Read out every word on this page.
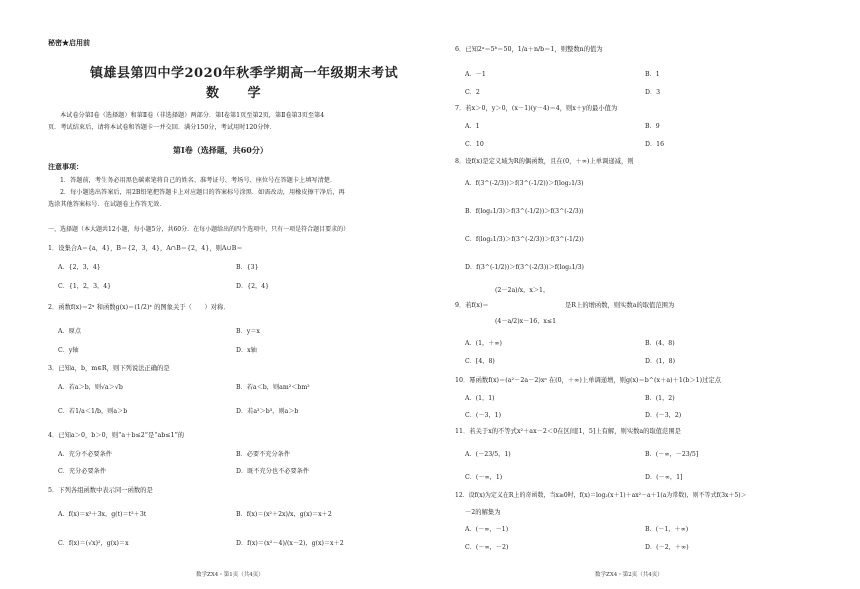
秘密★启用前
镇雄县第四中学2020年秋季学期高一年级期末考试
数 学
本试卷分第Ⅰ卷（选择题）和第Ⅱ卷（非选择题）两部分．第Ⅰ卷第1页至第2页，第Ⅱ卷第3页至第4
页．考试结束后，请将本试卷和答题卡一并交回．满分150分，考试用时120分钟．
第Ⅰ卷（选择题，共60分）
注意事项：
1．答题前，考生务必用黑色碳素笔将自己的姓名、准考证号、考场号、座位号在答题卡上填写清楚．
2．每小题选出答案后，用2B铅笔把答题卡上对应题目的答案标号涂黑．如需改动，用橡皮擦干净后，再
选涂其他答案标号．在试题卷上作答无效．
一、选择题（本大题共12小题，每小题5分，共60分．在每小题给出的四个选项中，只有一项是符合题目要求的）
1．设集合A＝{a，4}，B＝{2，3，4}，A∩B＝{2，4}，则A∪B＝
A．{2，3，4}	B．{3}
C．{1，2，3，4}	D．{2，4}
2．函数f(x)＝2ˣ 和函数g(x)＝(1/2)ˣ 的图象关于（　　）对称．
A．原点	B．y＝x
C．y轴	D．x轴
3．已知a，b，m∈R，则下列说法正确的是
A．若a＞b，则√a＞√b	B．若a＜b，则am²＜bm²
C．若1/a＜1/b，则a＞b	D．若a³＞b³，则a＞b
4．已知a＞0，b＞0，则“a＋b≤2”是“ab≤1”的
A．充分不必要条件	B．必要不充分条件
C．充分必要条件	D．既不充分也不必要条件
5．下列各组函数中表示同一函数的是
A．f(x)＝x²＋3x，g(t)＝t²＋3t	B．f(x)＝(x²＋2x)/x，g(x)＝x＋2
C．f(x)＝(√x)²，g(x)＝x	D．f(x)＝(x²－4)/(x－2)，g(x)＝x＋2
数学ZX4・第1页（共4页）
6．已知2ᵃ＝5ᵇ＝50，1/a＋n/b＝1，则整数n的值为
A．－1	B．1
C．2	D．3
7．若x＞0，y＞0，(x－1)(y－4)＝4，则x＋y的最小值为
A．1	B．9
C．10	D．16
8．设f(x)是定义域为R的偶函数，且在(0，＋∞)上单调递减，则
A．f(3^(-2/3))＞f(3^(-1/2))＞f(log₂1/3)
B．f(log₂1/3)＞f(3^(-1/2))＞f(3^(-2/3))
C．f(log₂1/3)＞f(3^(-2/3))＞f(3^(-1/2))
D．f(3^(-1/2))＞f(3^(-2/3))＞f(log₂1/3)
(2－2a)/x，x＞1，
9．若f(x)＝	是R上的增函数，则实数a的取值范围为
(4－a/2)x－16，x≤1
A．(1，＋∞)	B．(4，8)
C．[4，8)	D．(1，8)
10．幂函数f(x)＝(a²－2a－2)xᵃ 在(0，＋∞)上单调递增，则g(x)＝b^(x＋a)＋1(b＞1)过定点
A．(1，1)	B．(1，2)
C．(－3，1)	D．(－3，2)
11．若关于x的不等式x²＋ax－2＜0在区间[1，5]上有解，则实数a的取值范围是
A．(－23/5，1)	B．(－∞，－23/5]
C．(－∞，1)	D．(－∞，1]
12．设f(x)为定义在R上的奇函数，当x≥0时，f(x)＝log₂(x＋1)＋ax²－a＋1(a为常数)，则不等式f(3x＋5)＞
－2的解集为
A．(－∞，－1)	B．(－1，＋∞)
C．(－∞，－2)	D．(－2，＋∞)
数学ZX4・第2页（共4页）
